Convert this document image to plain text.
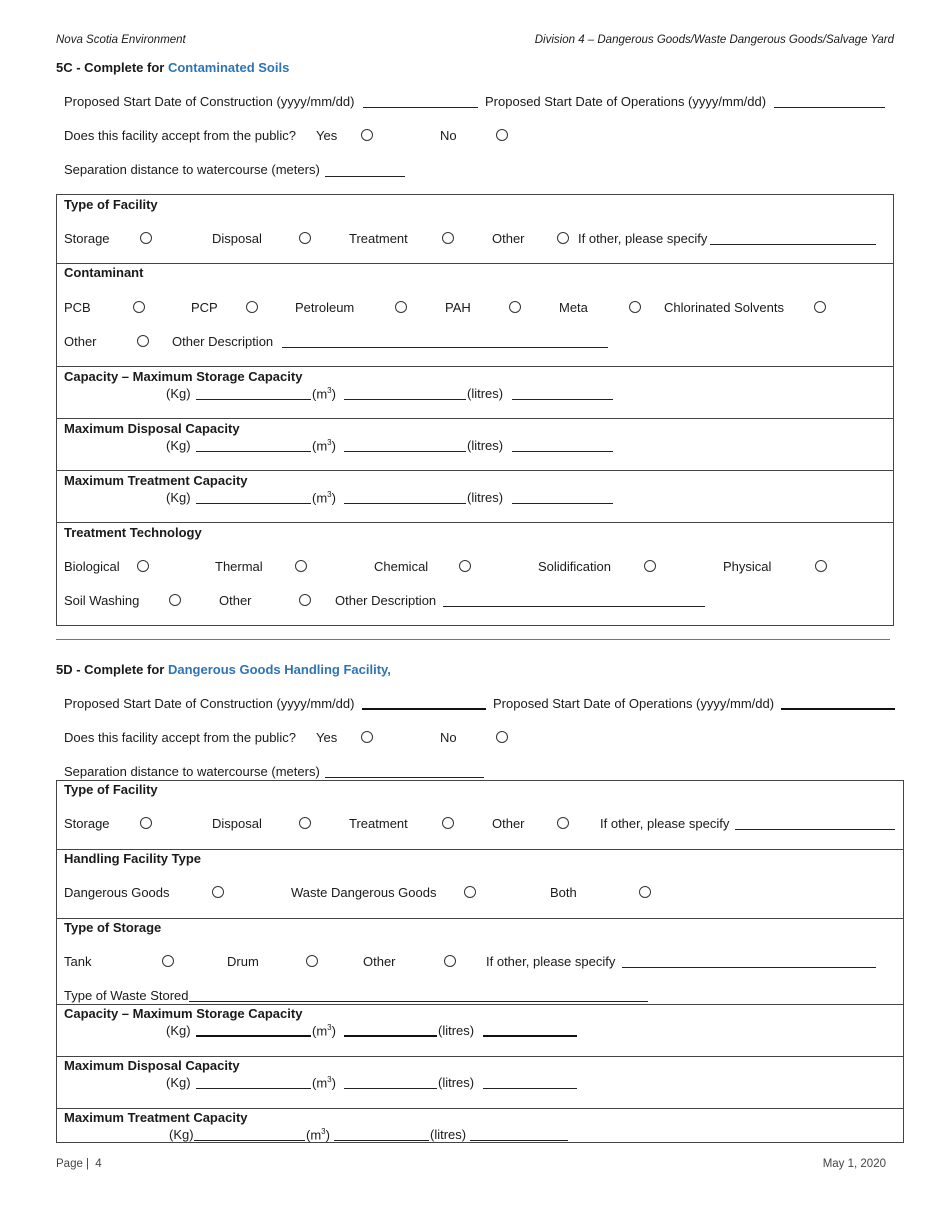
Nova Scotia Environment	Division 4 – Dangerous Goods/Waste Dangerous Goods/Salvage Yard
5C - Complete for Contaminated Soils
Proposed Start Date of Construction (yyyy/mm/dd)	Proposed Start Date of Operations (yyyy/mm/dd)
Does this facility accept from the public? Yes	No
Separation distance to watercourse (meters)
Type of Facility
Storage	Disposal	Treatment	Other	If other, please specify
Contaminant
PCB	PCP	Petroleum	PAH	Meta	Chlorinated Solvents
Other	Other Description
Capacity – Maximum Storage Capacity
(Kg)	$(m^3)$	(litres)
Maximum Disposal Capacity
(Kg)	$(m^3)$	(litres)
Maximum Treatment Capacity
(Kg)	$(m^3)$	(litres)
Treatment Technology
Biological	Thermal	Chemical	Solidification	Physical
Soil Washing	Other	Other Description
5D - Complete for Dangerous Goods Handling Facility,
Proposed Start Date of Construction (yyyy/mm/dd)	Proposed Start Date of Operations (yyyy/mm/dd)
Does this facility accept from the public? Yes	No
Separation distance to watercourse (meters)
Type of Facility
Storage	Disposal	Treatment	Other	If other, please specify
Handling Facility Type
Dangerous Goods	Waste Dangerous Goods	Both
Type of Storage
Tank	Drum	Other	If other, please specify
Type of Waste Stored
Capacity – Maximum Storage Capacity
(Kg)	$(m^3)$	(litres)
Maximum Disposal Capacity
(Kg)	$(m^3)$	(litres)
Maximum Treatment Capacity
(Kg)	$(m^3)$	(litres)
Page | 4	May 1, 2020
